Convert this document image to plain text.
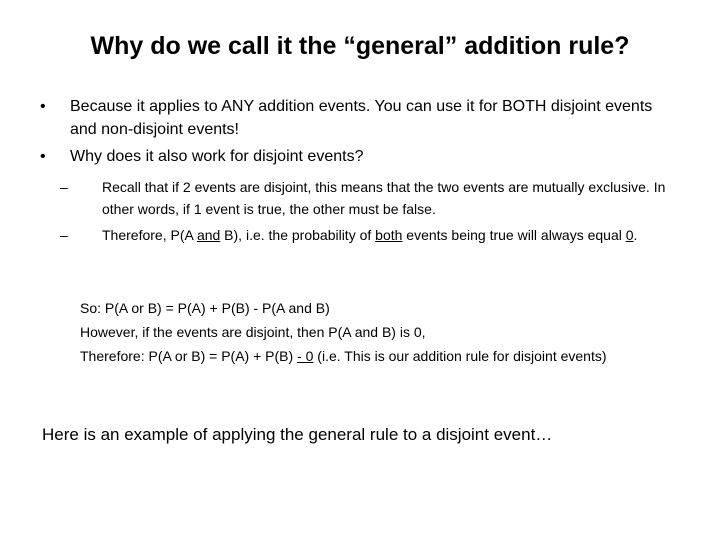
Why do we call it the “general” addition rule?
• Because it applies to ANY addition events. You can use it for BOTH disjoint events and non-disjoint events!
• Why does it also work for disjoint events?
– Recall that if 2 events are disjoint, this means that the two events are mutually exclusive. In other words, if 1 event is true, the other must be false.
– Therefore, P(A and B), i.e. the probability of both events being true will always equal 0.
So: P(A or B) = P(A) + P(B) - P(A and B)
However, if the events are disjoint, then P(A and B) is 0,
Therefore: P(A or B) = P(A) + P(B) - 0 (i.e. This is our addition rule for disjoint events)
Here is an example of applying the general rule to a disjoint event…
